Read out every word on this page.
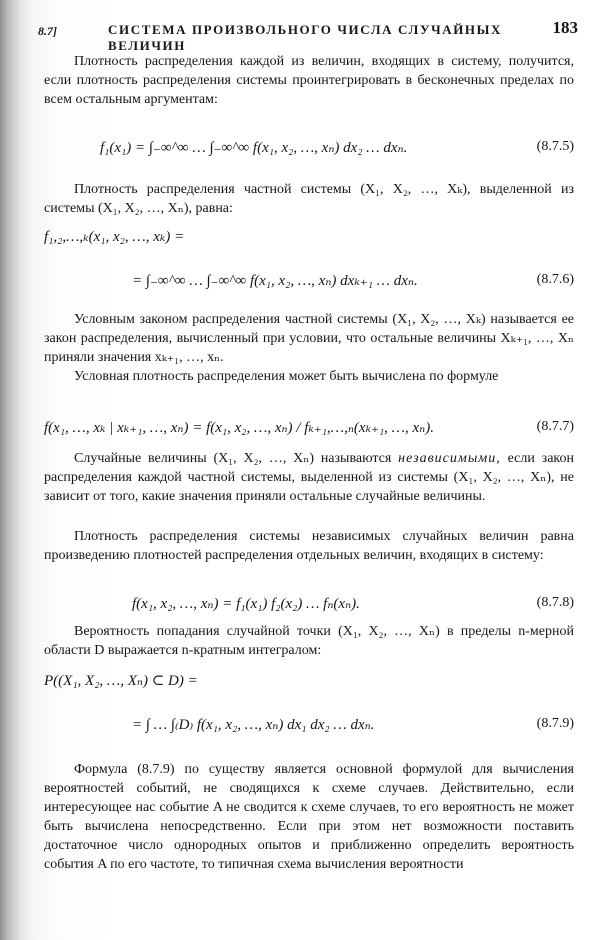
8.7]	СИСТЕМА ПРОИЗВОЛЬНОГО ЧИСЛА СЛУЧАЙНЫХ ВЕЛИЧИН
183

Плотность распределения каждой из величин, входящих в систему, получится, если плотность распределения системы проинтегрировать в бесконечных пределах по всем остальным аргументам:

f₁(x₁) = ∫₋∞^∞ … ∫₋∞^∞ f(x₁, x₂, …, xₙ) dx₂ … dxₙ.	(8.7.5)

Плотность распределения частной системы (X₁, X₂, …, Xₖ), выделенной из системы (X₁, X₂, …, Xₙ), равна:

f₁,₂,…,ₖ(x₁, x₂, …, xₖ) =
= ∫₋∞^∞ … ∫₋∞^∞ f(x₁, x₂, …, xₙ) dxₖ₊₁ … dxₙ.	(8.7.6)

Условным законом распределения частной системы (X₁, X₂, …, Xₖ) называется ее закон распределения, вычисленный при условии, что остальные величины Xₖ₊₁, …, Xₙ приняли значения xₖ₊₁, …, xₙ.

Условная плотность распределения может быть вычислена по формуле

f(x₁, …, xₖ | xₖ₊₁, …, xₙ) = f(x₁, x₂, …, xₙ) / fₖ₊₁,…,ₙ(xₖ₊₁, …, xₙ).	(8.7.7)

Случайные величины (X₁, X₂, …, Xₙ) называются независимыми, если закон распределения каждой частной системы, выделенной из системы (X₁, X₂, …, Xₙ), не зависит от того, какие значения приняли остальные случайные величины.

Плотность распределения системы независимых случайных величин равна произведению плотностей распределения отдельных величин, входящих в систему:

f(x₁, x₂, …, xₙ) = f₁(x₁) f₂(x₂) … fₙ(xₙ).	(8.7.8)

Вероятность попадания случайной точки (X₁, X₂, …, Xₙ) в пределы n-мерной области D выражается n-кратным интегралом:

P((X₁, X₂, …, Xₙ) ⊂ D) =
= ∫ … ∫₍D₎ f(x₁, x₂, …, xₙ) dx₁ dx₂ … dxₙ.	(8.7.9)

Формула (8.7.9) по существу является основной формулой для вычисления вероятностей событий, не сводящихся к схеме случаев. Действительно, если интересующее нас событие A не сводится к схеме случаев, то его вероятность не может быть вычислена непосредственно. Если при этом нет возможности поставить достаточное число однородных опытов и приближенно определить вероятность события A по его частоте, то типичная схема вычисления вероятности
